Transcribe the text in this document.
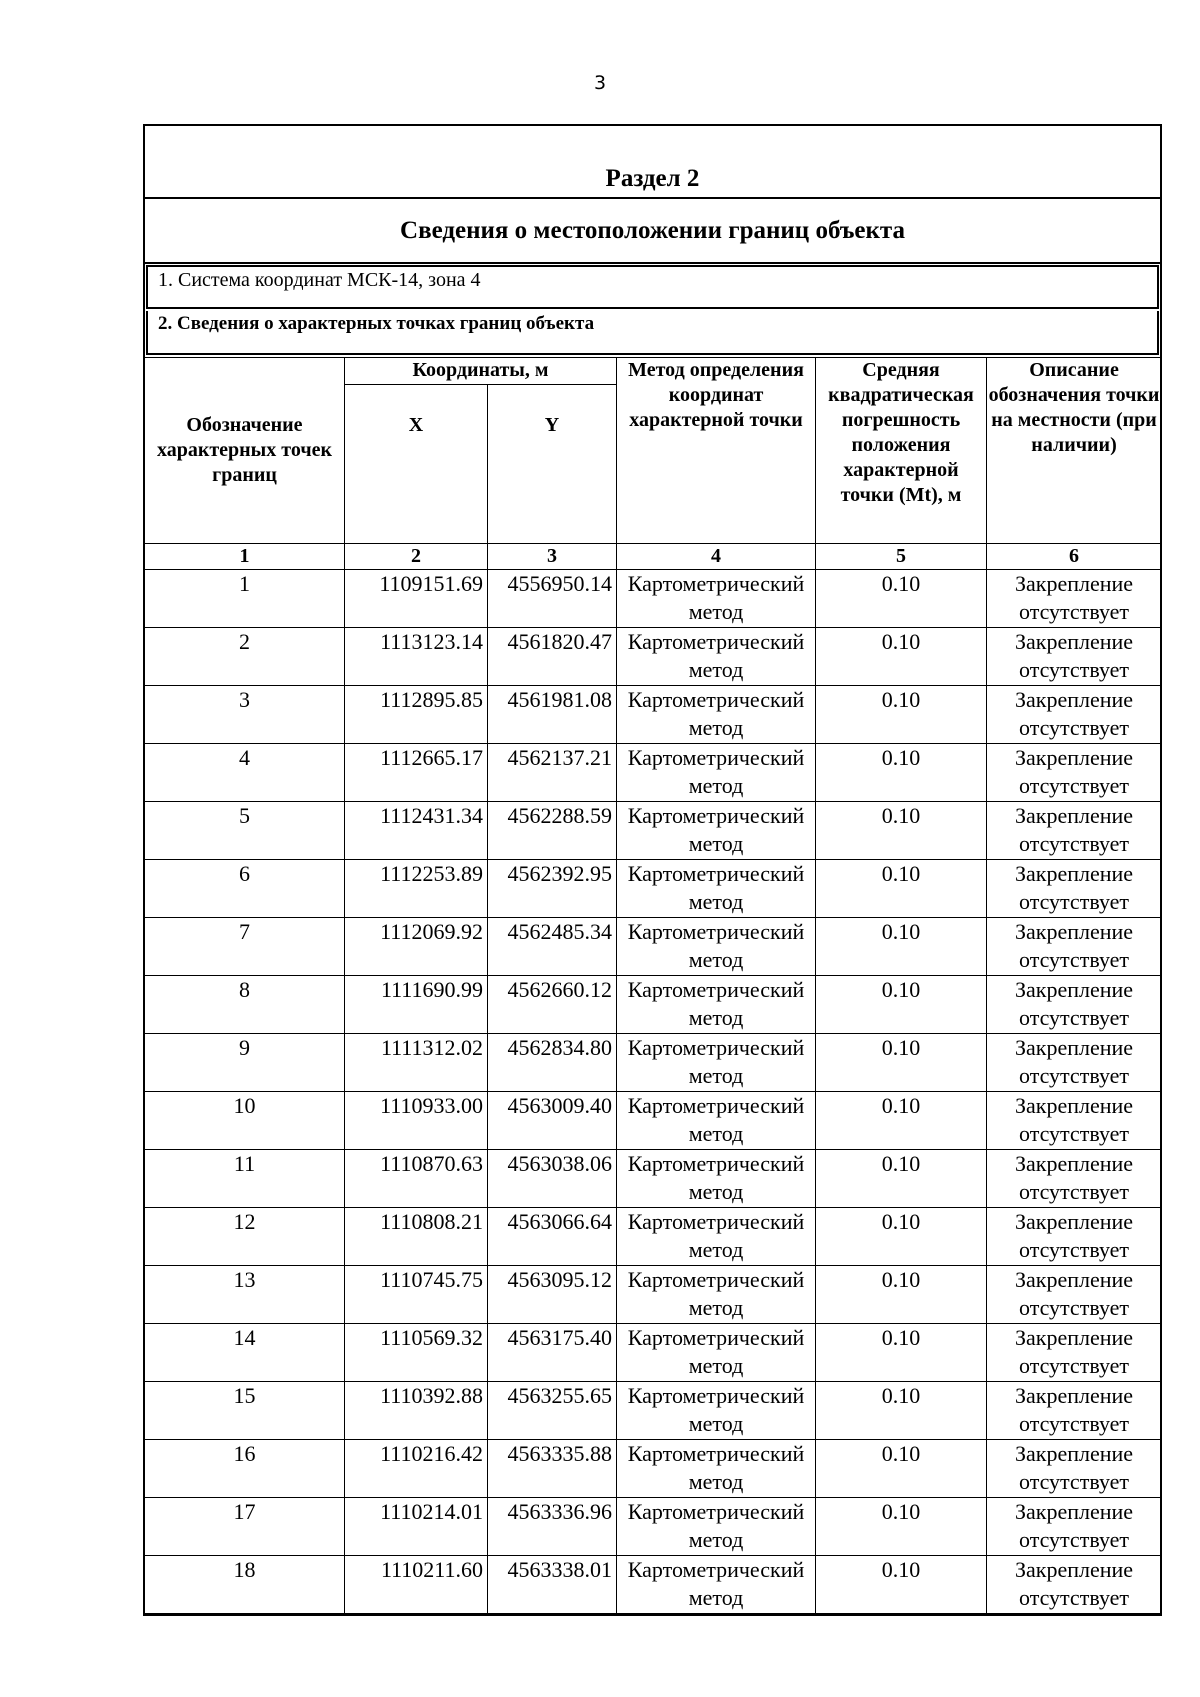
3
Раздел 2
Сведения о местоположении границ объекта
1. Система координат МСК-14, зона 4
2. Сведения о характерных точках границ объекта
Обозначение характерных точек границ	Координаты, м		Метод определения координат характерной точки	Средняя квадратическая погрешность положения характерной точки (Mt), м	Описание обозначения точки на местности (при наличии)
	X	Y			
1	2	3	4	5	6
1	1109151.69	4556950.14	Картометрический метод	0.10	Закрепление отсутствует
2	1113123.14	4561820.47	Картометрический метод	0.10	Закрепление отсутствует
3	1112895.85	4561981.08	Картометрический метод	0.10	Закрепление отсутствует
4	1112665.17	4562137.21	Картометрический метод	0.10	Закрепление отсутствует
5	1112431.34	4562288.59	Картометрический метод	0.10	Закрепление отсутствует
6	1112253.89	4562392.95	Картометрический метод	0.10	Закрепление отсутствует
7	1112069.92	4562485.34	Картометрический метод	0.10	Закрепление отсутствует
8	1111690.99	4562660.12	Картометрический метод	0.10	Закрепление отсутствует
9	1111312.02	4562834.80	Картометрический метод	0.10	Закрепление отсутствует
10	1110933.00	4563009.40	Картометрический метод	0.10	Закрепление отсутствует
11	1110870.63	4563038.06	Картометрический метод	0.10	Закрепление отсутствует
12	1110808.21	4563066.64	Картометрический метод	0.10	Закрепление отсутствует
13	1110745.75	4563095.12	Картометрический метод	0.10	Закрепление отсутствует
14	1110569.32	4563175.40	Картометрический метод	0.10	Закрепление отсутствует
15	1110392.88	4563255.65	Картометрический метод	0.10	Закрепление отсутствует
16	1110216.42	4563335.88	Картометрический метод	0.10	Закрепление отсутствует
17	1110214.01	4563336.96	Картометрический метод	0.10	Закрепление отсутствует
18	1110211.60	4563338.01	Картометрический метод	0.10	Закрепление отсутствует
